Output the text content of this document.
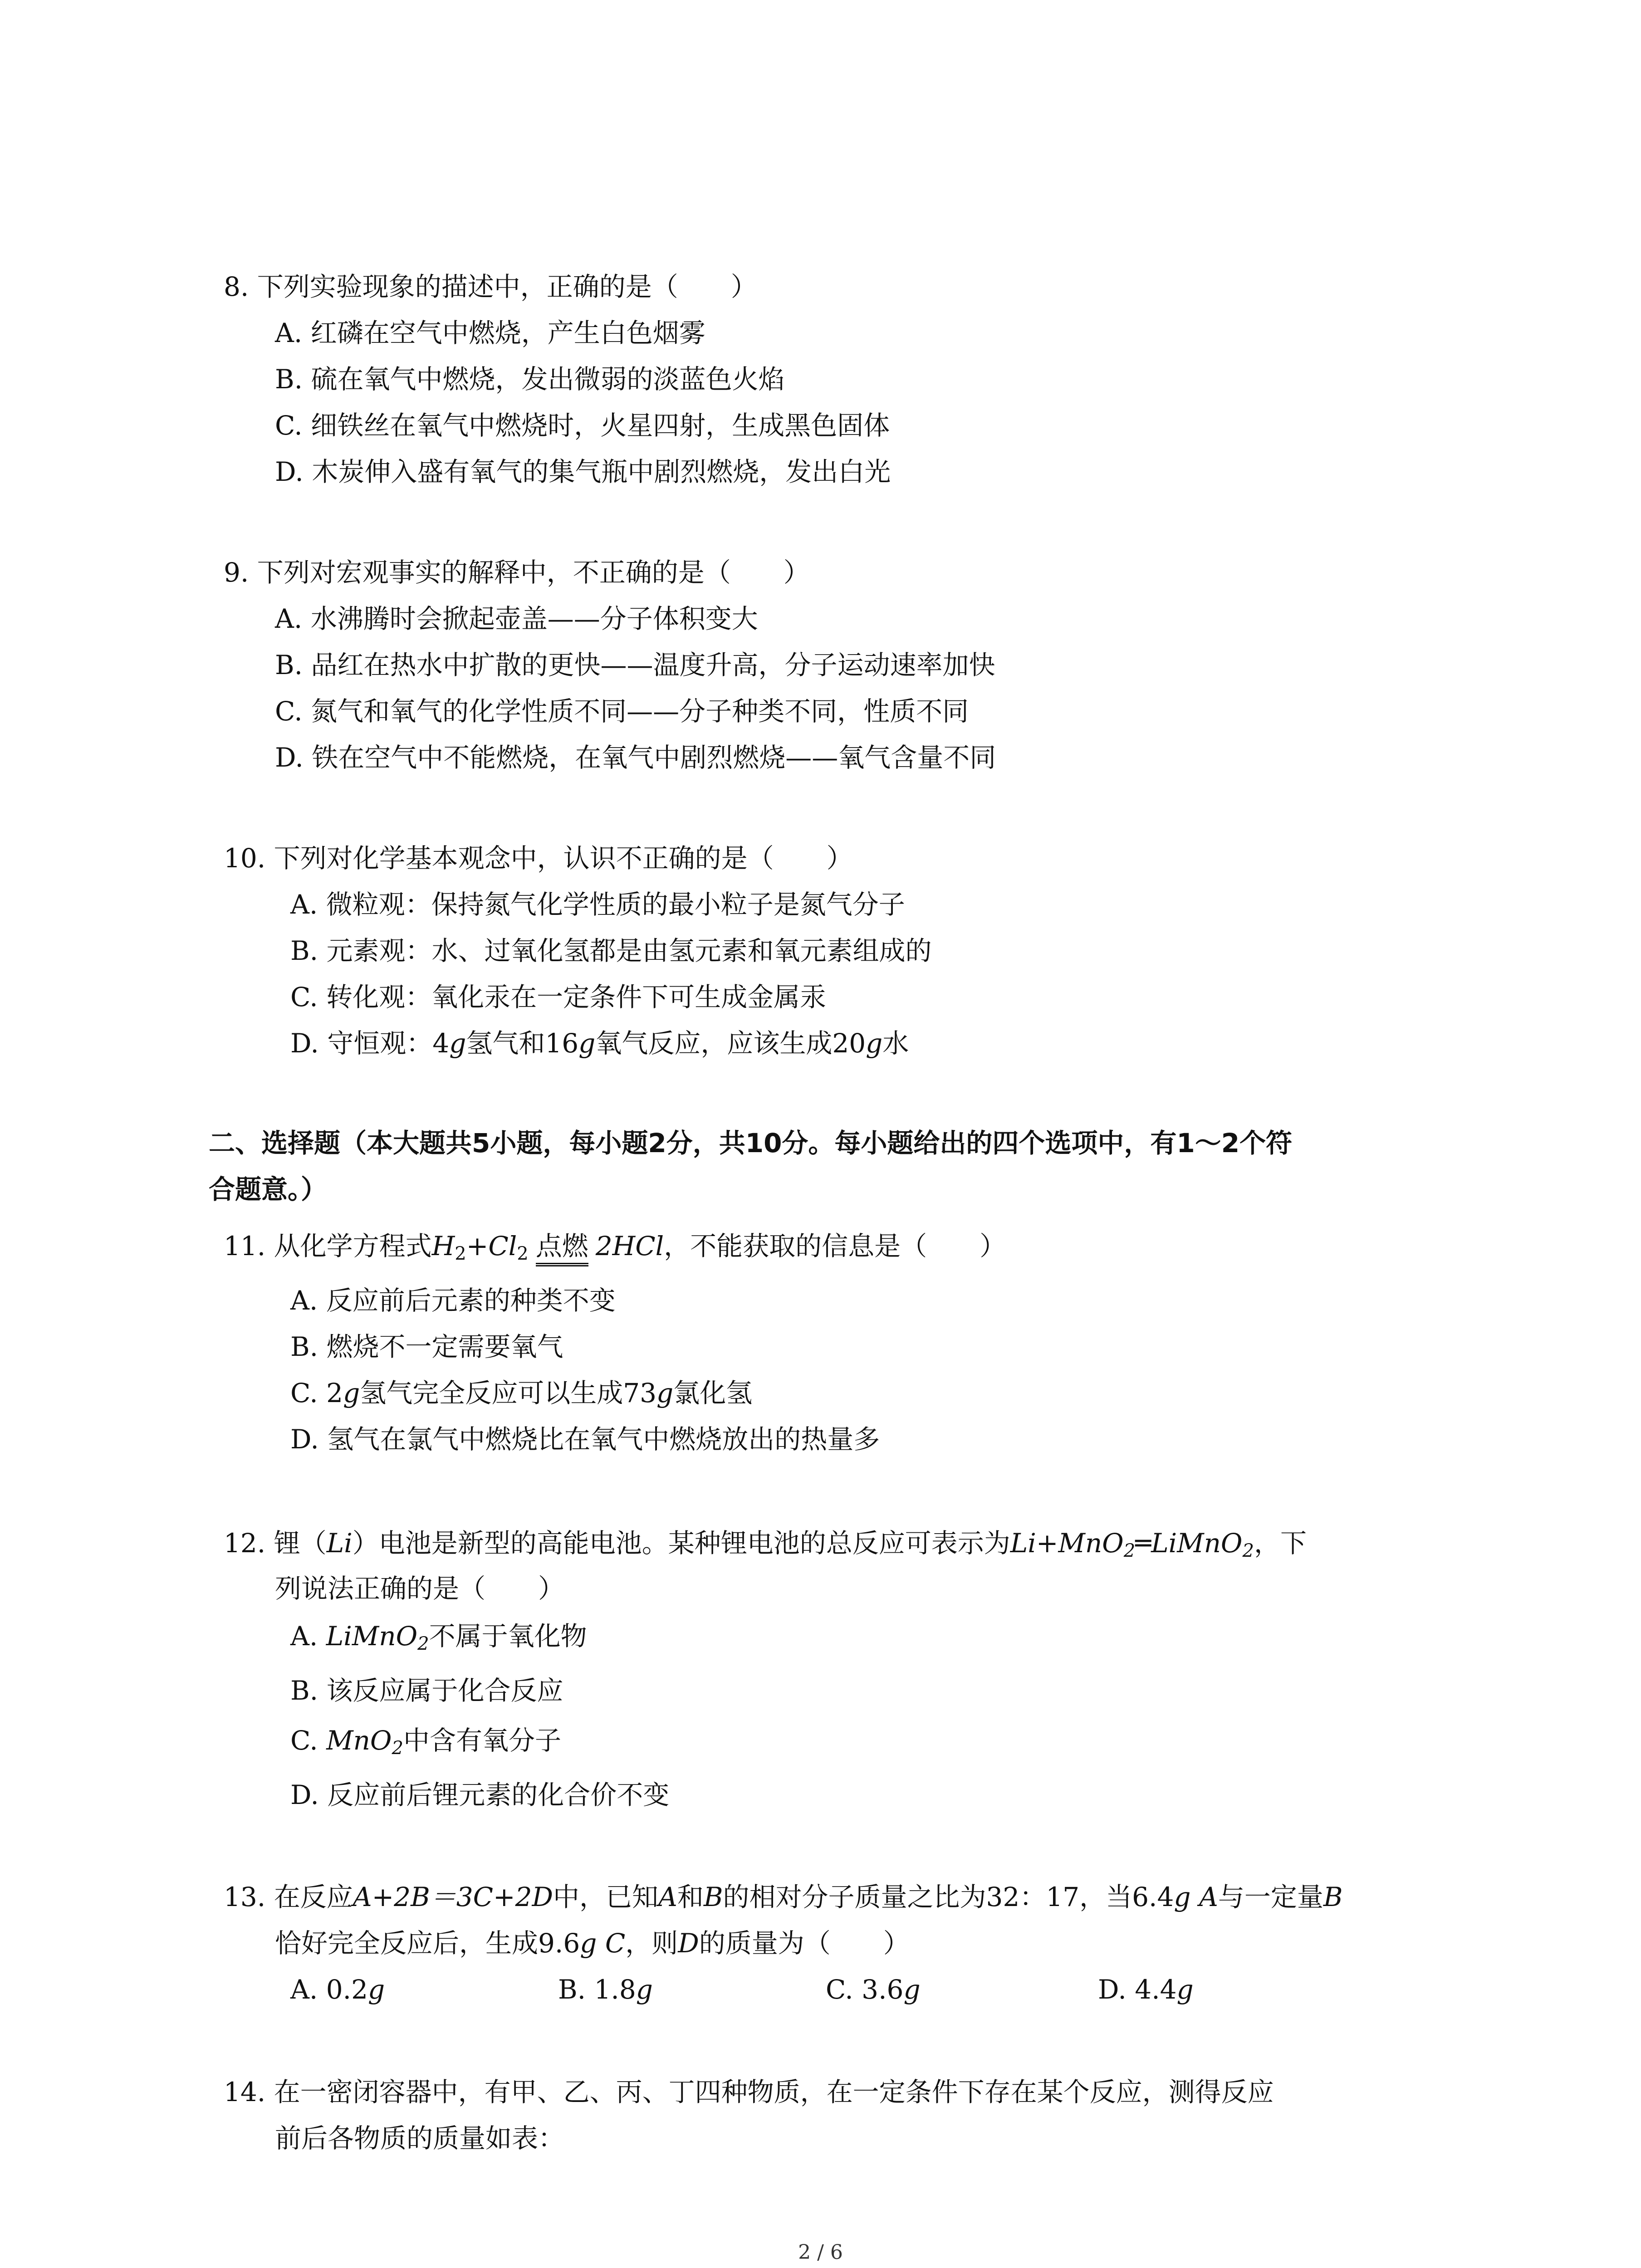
8. 下列实验现象的描述中，正确的是（　　）
A. 红磷在空气中燃烧，产生白色烟雾
B. 硫在氧气中燃烧，发出微弱的淡蓝色火焰
C. 细铁丝在氧气中燃烧时，火星四射，生成黑色固体
D. 木炭伸入盛有氧气的集气瓶中剧烈燃烧，发出白光
9. 下列对宏观事实的解释中，不正确的是（　　）
A. 水沸腾时会掀起壶盖——分子体积变大
B. 品红在热水中扩散的更快——温度升高，分子运动速率加快
C. 氮气和氧气的化学性质不同——分子种类不同，性质不同
D. 铁在空气中不能燃烧，在氧气中剧烈燃烧——氧气含量不同
10. 下列对化学基本观念中，认识不正确的是（　　）
A. 微粒观：保持氮气化学性质的最小粒子是氮气分子
B. 元素观：水、过氧化氢都是由氢元素和氧元素组成的
C. 转化观：氧化汞在一定条件下可生成金属汞
D. 守恒观：4g氢气和16g氧气反应，应该生成20g水
二、选择题（本大题共5小题，每小题2分，共10分。每小题给出的四个选项中，有1～2个符
合题意。）
11. 从化学方程式$H_2+Cl_2$ 点燃 2HCl，不能获取的信息是（　　）
A. 反应前后元素的种类不变
B. 燃烧不一定需要氧气
C. 2g氢气完全反应可以生成73g氯化氢
D. 氢气在氯气中燃烧比在氧气中燃烧放出的热量多
12. 锂（Li）电池是新型的高能电池。某种锂电池的总反应可表示为Li+MnO$_2$═LiMnO$_2$，下
列说法正确的是（　　）
A. LiMnO$_2$不属于氧化物
B. 该反应属于化合反应
C. MnO$_2$中含有氧分子
D. 反应前后锂元素的化合价不变
13. 在反应A+2B＝3C+2D中，已知A和B的相对分子质量之比为32：17，当6.4g A与一定量B
恰好完全反应后，生成9.6g C，则D的质量为（　　）
A. 0.2g	B. 1.8g	C. 3.6g	D. 4.4g
14. 在一密闭容器中，有甲、乙、丙、丁四种物质，在一定条件下存在某个反应，测得反应
前后各物质的质量如表：
2 / 6
